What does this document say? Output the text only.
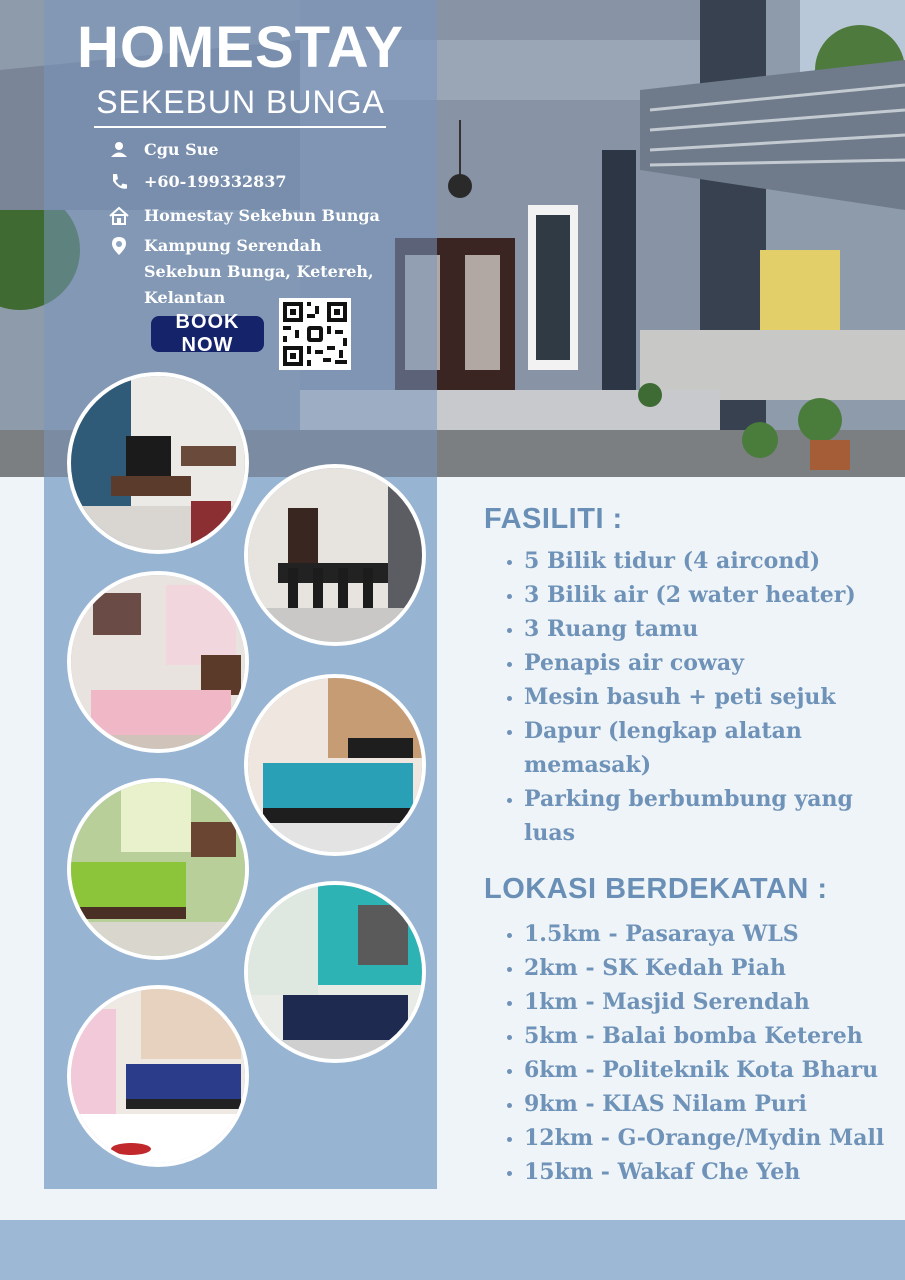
HOMESTAY
SEKEBUN BUNGA
Cgu Sue
+60-199332837
Homestay Sekebun Bunga
Kampung Serendah
Sekebun Bunga, Ketereh,
Kelantan
BOOK NOW
FASILITI :
• 5 Bilik tidur (4 aircond)
• 3 Bilik air (2 water heater)
• 3 Ruang tamu
• Penapis air coway
• Mesin basuh + peti sejuk
• Dapur (lengkap alatan memasak)
• Parking berbumbung yang luas
LOKASI BERDEKATAN :
• 1.5km - Pasaraya WLS
• 2km - SK Kedah Piah
• 1km - Masjid Serendah
• 5km - Balai bomba Ketereh
• 6km - Politeknik Kota Bharu
• 9km - KIAS Nilam Puri
• 12km - G-Orange/Mydin Mall
• 15km - Wakaf Che Yeh
